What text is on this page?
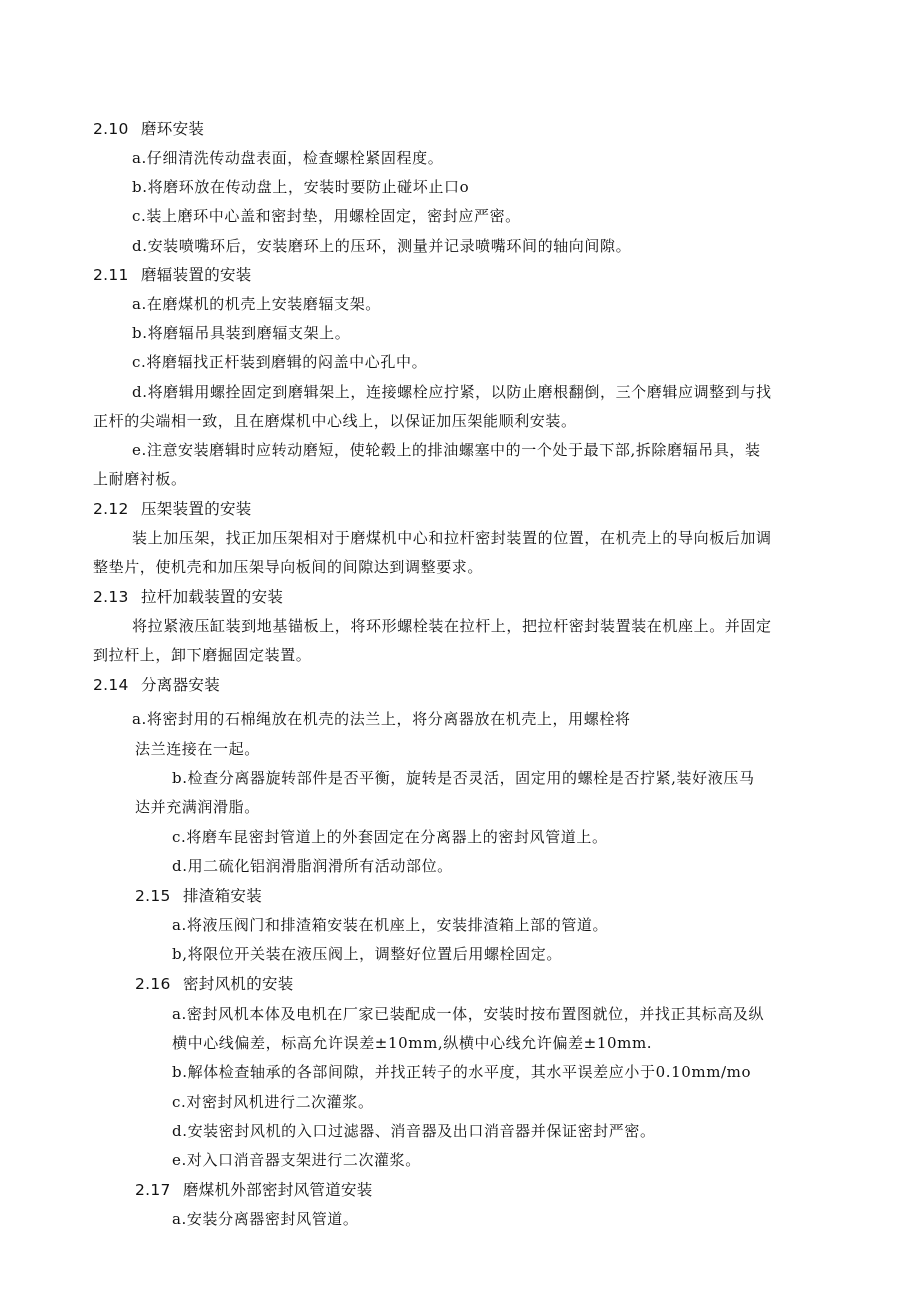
2.10 磨环安装
a.仔细清洗传动盘表面，检查螺栓紧固程度。
b.将磨环放在传动盘上，安装时要防止碰坏止口o
c.装上磨环中心盖和密封垫，用螺栓固定，密封应严密。
d.安装喷嘴环后，安装磨环上的压环，测量并记录喷嘴环间的轴向间隙。
2.11 磨辐装置的安装
a.在磨煤机的机壳上安装磨辐支架。
b.将磨辐吊具装到磨辐支架上。
c.将磨辐找正杆装到磨辑的闷盖中心孔中。
d.将磨辑用螺拴固定到磨辑架上，连接螺栓应拧紧，以防止磨根翻倒，三个磨辑应调整到与找
正杆的尖端相一致，且在磨煤机中心线上，以保证加压架能顺利安装。
e.注意安装磨辑时应转动磨短，使轮毂上的排油螺塞中的一个处于最下部,拆除磨辐吊具，装
上耐磨衬板。
2.12 压架装置的安装
装上加压架，找正加压架相对于磨煤机中心和拉杆密封装置的位置，在机壳上的导向板后加调
整垫片，使机壳和加压架导向板间的间隙达到调整要求。
2.13 拉杆加载装置的安装
将拉紧液压缸装到地基锚板上，将环形螺栓装在拉杆上，把拉杆密封装置装在机座上。并固定
到拉杆上，卸下磨掘固定装置。
2.14 分离器安装
a.将密封用的石棉绳放在机壳的法兰上，将分离器放在机壳上，用螺栓将
法兰连接在一起。
b.检查分离器旋转部件是否平衡，旋转是否灵活，固定用的螺栓是否拧紧,装好液压马
达并充满润滑脂。
c.将磨车昆密封管道上的外套固定在分离器上的密封风管道上。
d.用二硫化铝润滑脂润滑所有活动部位。
2.15 排渣箱安装
a.将液压阀门和排渣箱安装在机座上，安装排渣箱上部的管道。
b,将限位开关装在液压阀上，调整好位置后用螺栓固定。
2.16 密封风机的安装
a.密封风机本体及电机在厂家已装配成一体，安装时按布置图就位，并找正其标高及纵
横中心线偏差，标高允许误差±10mm,纵横中心线允许偏差±10mm.
b.解体检查轴承的各部间隙，并找正转子的水平度，其水平误差应小于0.10mm∕mo
c.对密封风机进行二次灌浆。
d.安装密封风机的入口过滤器、消音器及出口消音器并保证密封严密。
e.对入口消音器支架进行二次灌浆。
2.17 磨煤机外部密封风管道安装
a.安装分离器密封风管道。
